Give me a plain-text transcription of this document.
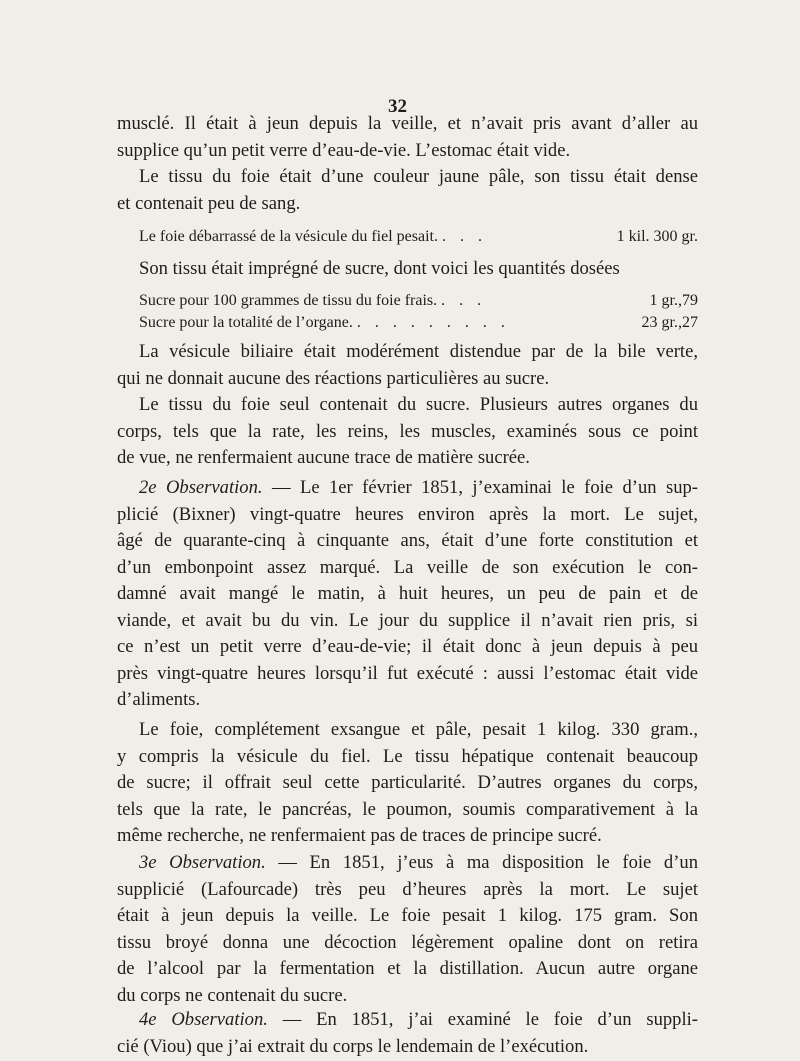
32

musclé. Il était à jeun depuis la veille, et n’avait pris avant d’aller au
supplice qu’un petit verre d’eau-de-vie. L’estomac était vide.
Le tissu du foie était d’une couleur jaune pâle, son tissu était dense
et contenait peu de sang.

Le foie débarrassé de la vésicule du fiel pesait. . . .	1 kil. 300 gr.

Son tissu était imprégné de sucre, dont voici les quantités dosées

Sucre pour 100 grammes de tissu du foie frais. . . .	1 gr.,79
Sucre pour la totalité de l’organe. . . . . . . . . .	23 gr.,27

La vésicule biliaire était modérément distendue par de la bile verte,
qui ne donnait aucune des réactions particulières au sucre.
Le tissu du foie seul contenait du sucre. Plusieurs autres organes du
corps, tels que la rate, les reins, les muscles, examinés sous ce point
de vue, ne renfermaient aucune trace de matière sucrée.

2e Observation. — Le 1er février 1851, j’examinai le foie d’un sup-
plicié (Bixner) vingt-quatre heures environ après la mort. Le sujet,
âgé de quarante-cinq à cinquante ans, était d’une forte constitution et
d’un embonpoint assez marqué. La veille de son exécution le con-
damné avait mangé le matin, à huit heures, un peu de pain et de
viande, et avait bu du vin. Le jour du supplice il n’avait rien pris, si
ce n’est un petit verre d’eau-de-vie; il était donc à jeun depuis à peu
près vingt-quatre heures lorsqu’il fut exécuté : aussi l’estomac était vide
d’aliments.

Le foie, complétement exsangue et pâle, pesait 1 kilog. 330 gram.,
y compris la vésicule du fiel. Le tissu hépatique contenait beaucoup
de sucre; il offrait seul cette particularité. D’autres organes du corps,
tels que la rate, le pancréas, le poumon, soumis comparativement à la
même recherche, ne renfermaient pas de traces de principe sucré.

3e Observation. — En 1851, j’eus à ma disposition le foie d’un
supplicié (Lafourcade) très peu d’heures après la mort. Le sujet
était à jeun depuis la veille. Le foie pesait 1 kilog. 175 gram. Son
tissu broyé donna une décoction légèrement opaline dont on retira
de l’alcool par la fermentation et la distillation. Aucun autre organe
du corps ne contenait du sucre.

4e Observation. — En 1851, j’ai examiné le foie d’un suppli-
cié (Viou) que j’ai extrait du corps le lendemain de l’exécution.
